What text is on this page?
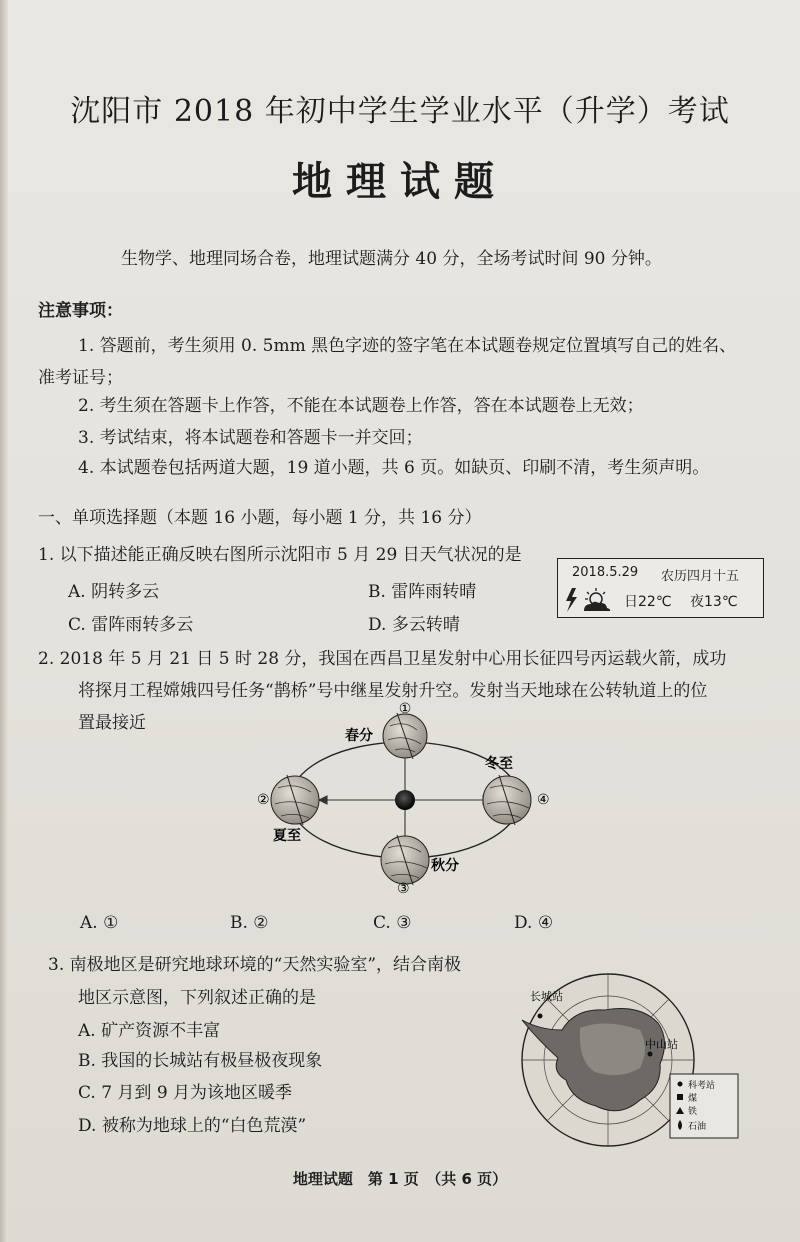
沈阳市 2018 年初中学生学业水平（升学）考试
地理试题
生物学、地理同场合卷，地理试题满分 40 分，全场考试时间 90 分钟。
注意事项：
1. 答题前，考生须用 0. 5mm 黑色字迹的签字笔在本试题卷规定位置填写自己的姓名、
准考证号；
2. 考生须在答题卡上作答，不能在本试题卷上作答，答在本试题卷上无效；
3. 考试结束，将本试题卷和答题卡一并交回；
4. 本试题卷包括两道大题，19 道小题，共 6 页。如缺页、印刷不清，考生须声明。
一、单项选择题（本题 16 小题，每小题 1 分，共 16 分）
1. 以下描述能正确反映右图所示沈阳市 5 月 29 日天气状况的是
A. 阴转多云	B. 雷阵雨转晴
C. 雷阵雨转多云	D. 多云转晴
2018.5.29 农历四月十五
日22℃ 夜13℃
2. 2018 年 5 月 21 日 5 时 28 分，我国在西昌卫星发射中心用长征四号丙运载火箭，成功
将探月工程嫦娥四号任务“鹊桥”号中继星发射升空。发射当天地球在公转轨道上的位
置最接近
①
春分
冬至
②	④
夏至
秋分
③
A. ①	B. ②	C. ③	D. ④
3. 南极地区是研究地球环境的“天然实验室”，结合南极
地区示意图，下列叙述正确的是
A. 矿产资源不丰富
B. 我国的长城站有极昼极夜现象
C. 7 月到 9 月为该地区暖季
D. 被称为地球上的“白色荒漠”
长城站
中山站
科考站
煤
铁
石油
地理试题　第 1 页　（共 6 页）
